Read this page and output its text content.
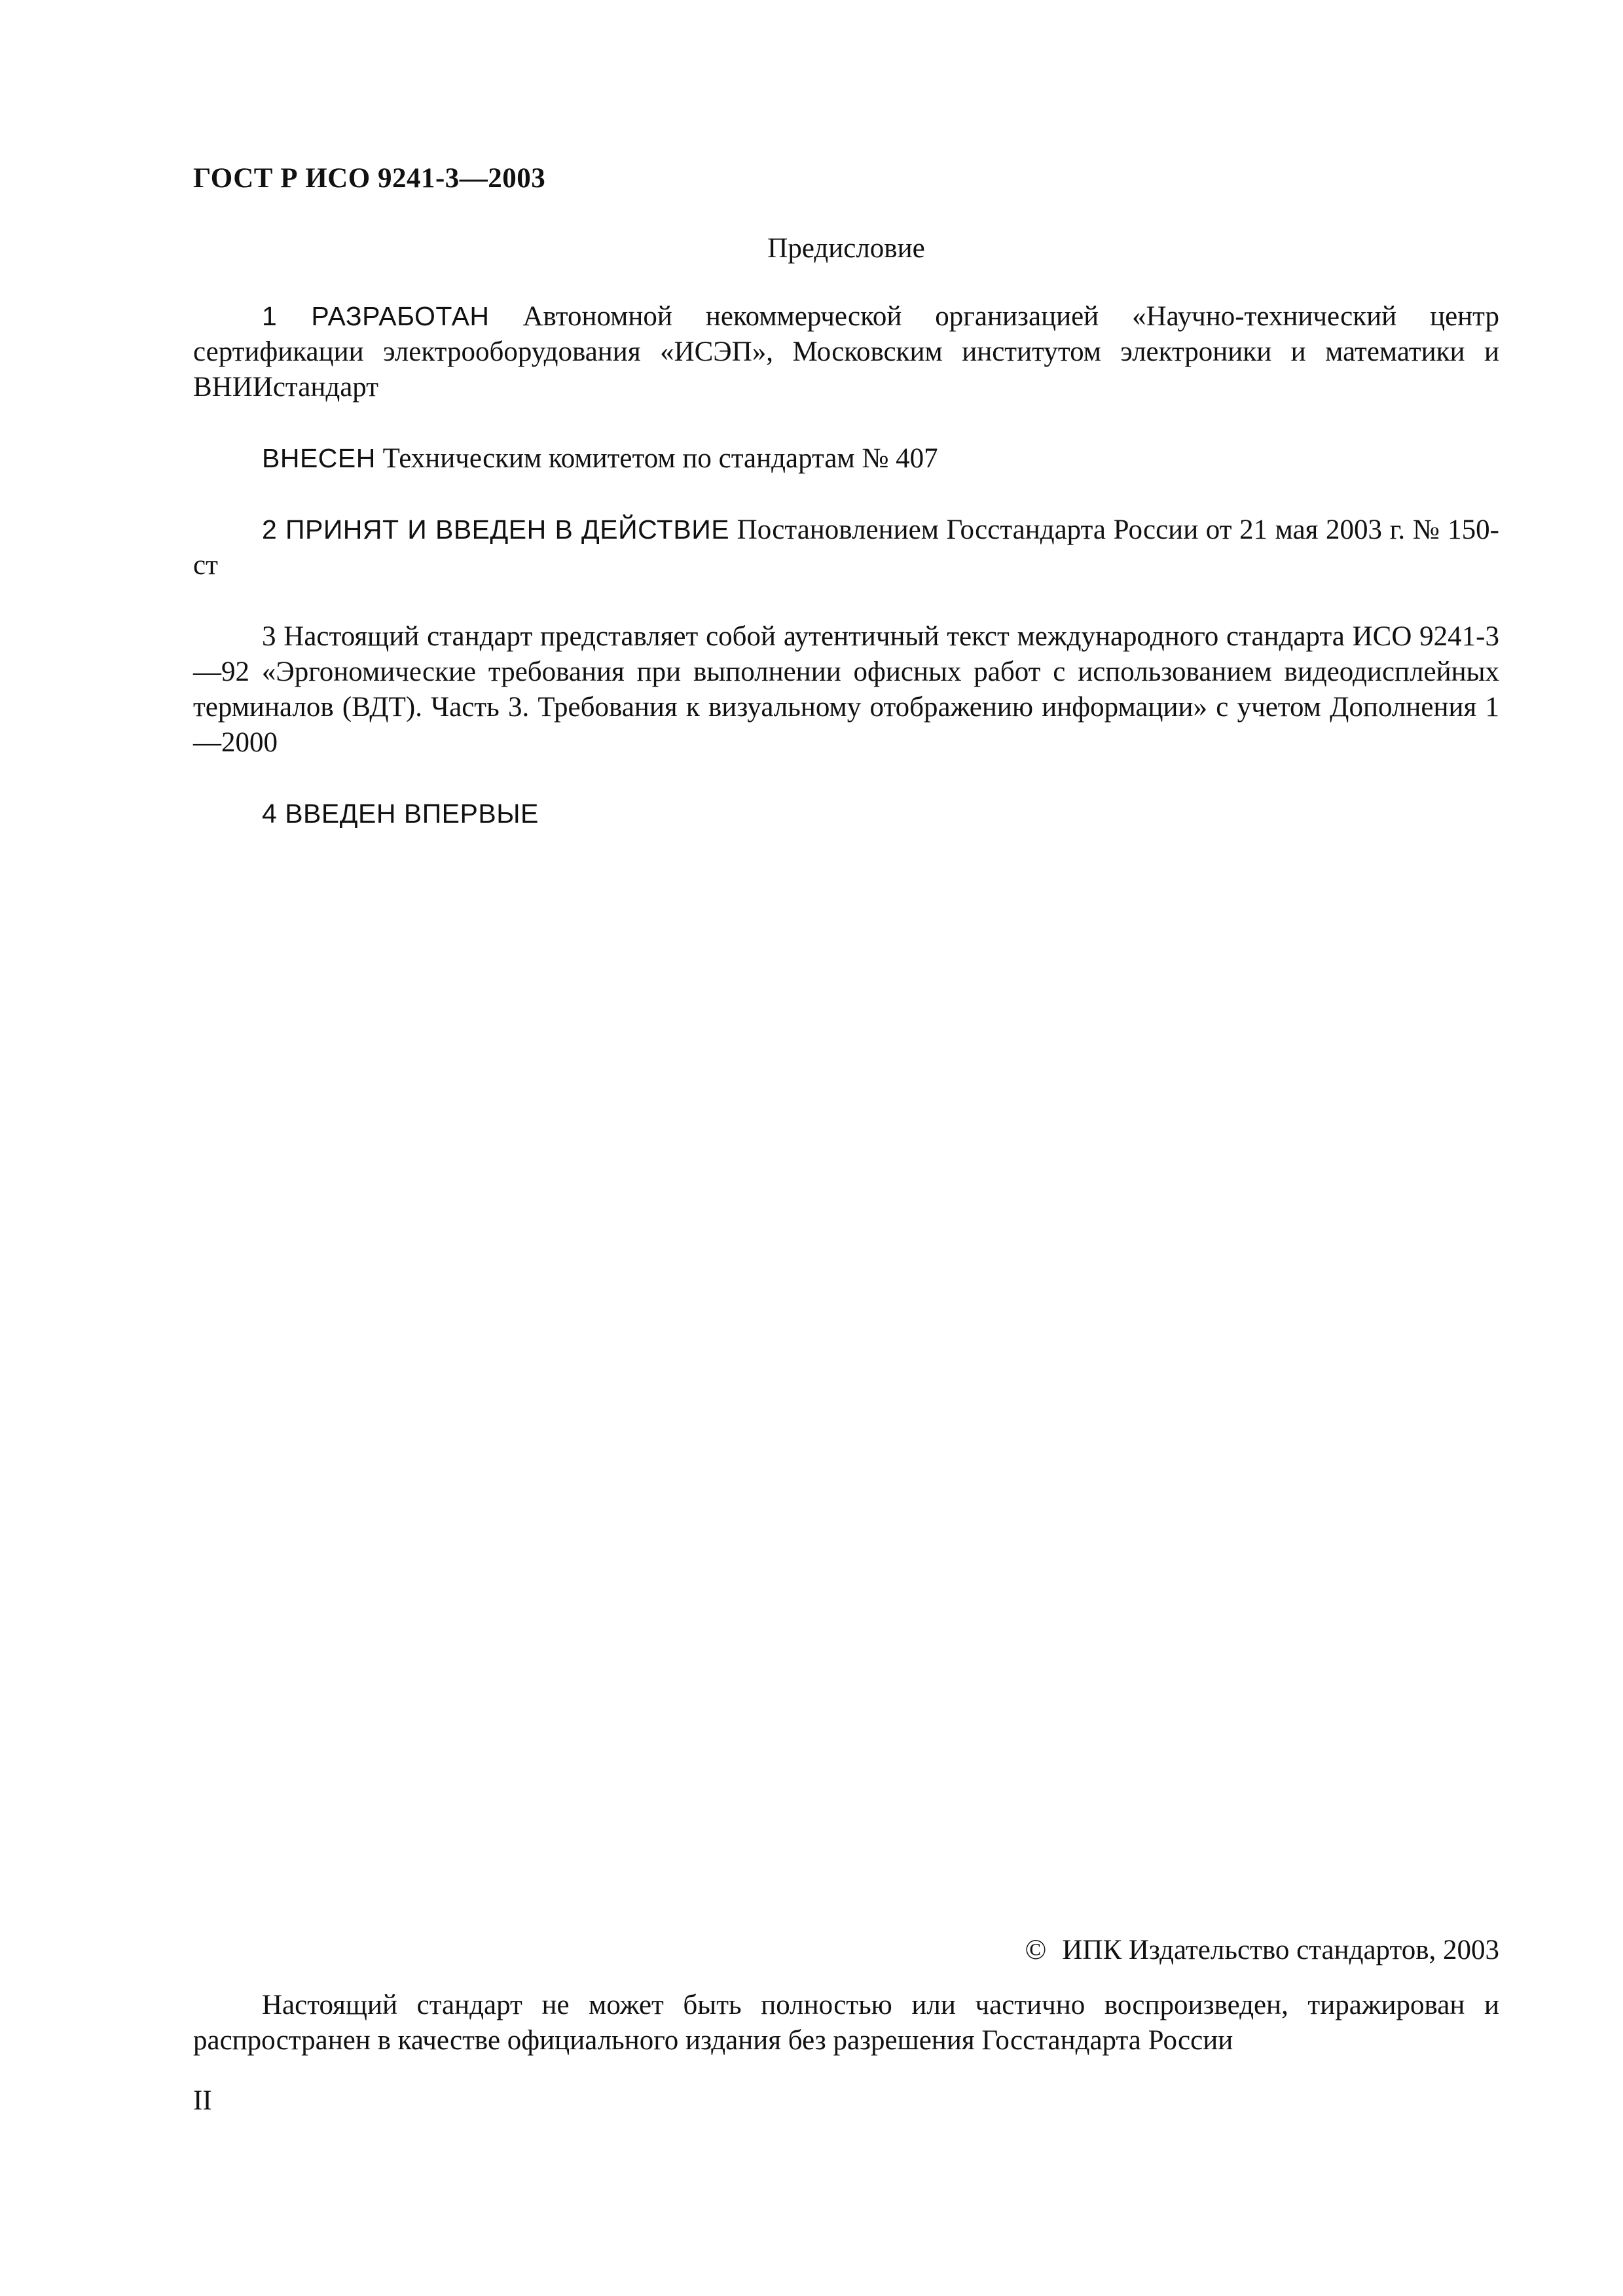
ГОСТ Р ИСО 9241-3—2003

Предисловие

1 РАЗРАБОТАН Автономной некоммерческой организацией «Научно-технический центр сертификации электрооборудования «ИСЭП», Московским институтом электроники и математики и ВНИИстандарт

ВНЕСЕН Техническим комитетом по стандартам № 407

2 ПРИНЯТ И ВВЕДЕН В ДЕЙСТВИЕ Постановлением Госстандарта России от 21 мая 2003 г. № 150-ст

3 Настоящий стандарт представляет собой аутентичный текст международного стандарта ИСО 9241-3—92 «Эргономические требования при выполнении офисных работ с использованием видеодисплейных терминалов (ВДТ). Часть 3. Требования к визуальному отображению информации» с учетом Дополнения 1—2000

4 ВВЕДЕН ВПЕРВЫЕ

© ИПК Издательство стандартов, 2003

Настоящий стандарт не может быть полностью или частично воспроизведен, тиражирован и распространен в качестве официального издания без разрешения Госстандарта России

II
